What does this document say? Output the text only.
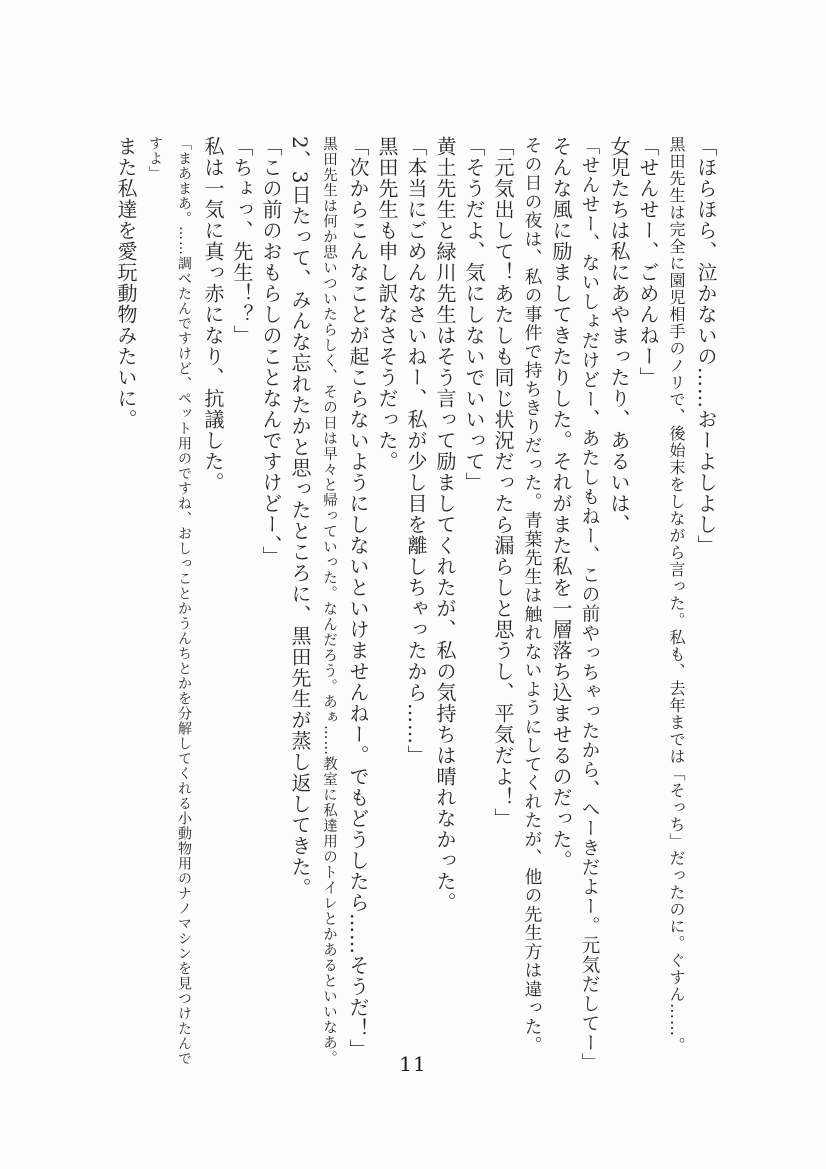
「ほらほら、泣かないの……おーよしよし」

黒田先生は完全に園児相手のノリで、後始末をしながら言った。私も、去年までは「そっち」だったのに。ぐすん……。

「せんせー、ごめんねー」

女児たちは私にあやまったり、あるいは、

「せんせー、ないしょだけどー、あたしもねー、この前やっちゃったから、へーきだよー。元気だしてー」

そんな風に励ましてきたりした。それがまた私を一層落ち込ませるのだった。

その日の夜は、私の事件で持ちきりだった。青葉先生は触れないようにしてくれたが、他の先生方は違った。

「元気出して！あたしも同じ状況だったら漏らしと思うし、平気だよ！」

「そうだよ、気にしないでいいって」

黄土先生と緑川先生はそう言って励ましてくれたが、私の気持ちは晴れなかった。

「本当にごめんなさいねー、私が少し目を離しちゃったから……」

黒田先生も申し訳なさそうだった。

「次からこんなことが起こらないようにしないといけませんねー。でもどうしたら……そうだ！」

黒田先生は何か思いついたらしく、その日は早々と帰っていった。なんだろう。あぁ……教室に私達用のトイレとかあるといいなあ。

2、3日たって、みんな忘れたかと思ったところに、黒田先生が蒸し返してきた。

「この前のおもらしのことなんですけどー、」

「ちょっ、先生！？」

私は一気に真っ赤になり、抗議した。

「まあまあ。……調べたんですけど、ペット用のですね、おしっことかうんちとかを分解してくれる小動物用のナノマシンを見つけたんですよ」

また私達を愛玩動物みたいに。

11
